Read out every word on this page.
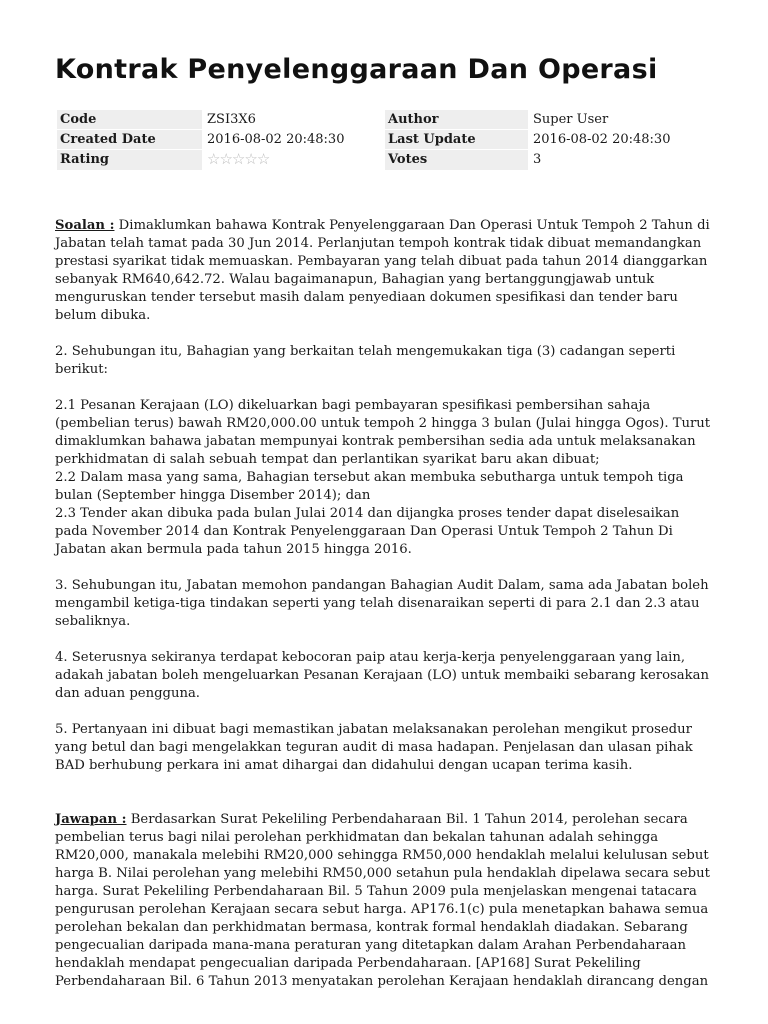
Kontrak Penyelenggaraan Dan Operasi
Code	ZSI3X6	Author	Super User
Created Date	2016-08-02 20:48:30	Last Update	2016-08-02 20:48:30
Rating	☆ ☆ ☆ ☆ ☆	Votes	3

Soalan : Dimaklumkan bahawa Kontrak Penyelenggaraan Dan Operasi Untuk Tempoh 2 Tahun di Jabatan telah tamat pada 30 Jun 2014. Perlanjutan tempoh kontrak tidak dibuat memandangkan prestasi syarikat tidak memuaskan. Pembayaran yang telah dibuat pada tahun 2014 dianggarkan sebanyak RM640,642.72. Walau bagaimanapun, Bahagian yang bertanggungjawab untuk menguruskan tender tersebut masih dalam penyediaan dokumen spesifikasi dan tender baru belum dibuka.

2. Sehubungan itu, Bahagian yang berkaitan telah mengemukakan tiga (3) cadangan seperti berikut:

2.1 Pesanan Kerajaan (LO) dikeluarkan bagi pembayaran spesifikasi pembersihan sahaja (pembelian terus) bawah RM20,000.00 untuk tempoh 2 hingga 3 bulan (Julai hingga Ogos). Turut dimaklumkan bahawa jabatan mempunyai kontrak pembersihan sedia ada untuk melaksanakan perkhidmatan di salah sebuah tempat dan perlantikan syarikat baru akan dibuat;

2.2 Dalam masa yang sama, Bahagian tersebut akan membuka sebutharga untuk tempoh tiga bulan (September hingga Disember 2014); dan

2.3 Tender akan dibuka pada bulan Julai 2014 dan dijangka proses tender dapat diselesaikan pada November 2014 dan Kontrak Penyelenggaraan Dan Operasi Untuk Tempoh 2 Tahun Di Jabatan akan bermula pada tahun 2015 hingga 2016.

3. Sehubungan itu, Jabatan memohon pandangan Bahagian Audit Dalam, sama ada Jabatan boleh mengambil ketiga-tiga tindakan seperti yang telah disenaraikan seperti di para 2.1 dan 2.3 atau sebaliknya.

4. Seterusnya sekiranya terdapat kebocoran paip atau kerja-kerja penyelenggaraan yang lain, adakah jabatan boleh mengeluarkan Pesanan Kerajaan (LO) untuk membaiki sebarang kerosakan dan aduan pengguna.

5. Pertanyaan ini dibuat bagi memastikan jabatan melaksanakan perolehan mengikut prosedur yang betul dan bagi mengelakkan teguran audit di masa hadapan. Penjelasan dan ulasan pihak BAD berhubung perkara ini amat dihargai dan didahului dengan ucapan terima kasih.

Jawapan : Berdasarkan Surat Pekeliling Perbendaharaan Bil. 1 Tahun 2014, perolehan secara pembelian terus bagi nilai perolehan perkhidmatan dan bekalan tahunan adalah sehingga RM20,000, manakala melebihi RM20,000 sehingga RM50,000 hendaklah melalui kelulusan sebut harga B. Nilai perolehan yang melebihi RM50,000 setahun pula hendaklah dipelawa secara sebut harga. Surat Pekeliling Perbendaharaan Bil. 5 Tahun 2009 pula menjelaskan mengenai tatacara pengurusan perolehan Kerajaan secara sebut harga. AP176.1(c) pula menetapkan bahawa semua perolehan bekalan dan perkhidmatan bermasa, kontrak formal hendaklah diadakan. Sebarang pengecualian daripada mana-mana peraturan yang ditetapkan dalam Arahan Perbendaharaan hendaklah mendapat pengecualian daripada Perbendaharaan. [AP168] Surat Pekeliling Perbendaharaan Bil. 6 Tahun 2013 menyatakan perolehan Kerajaan hendaklah dirancang dengan
